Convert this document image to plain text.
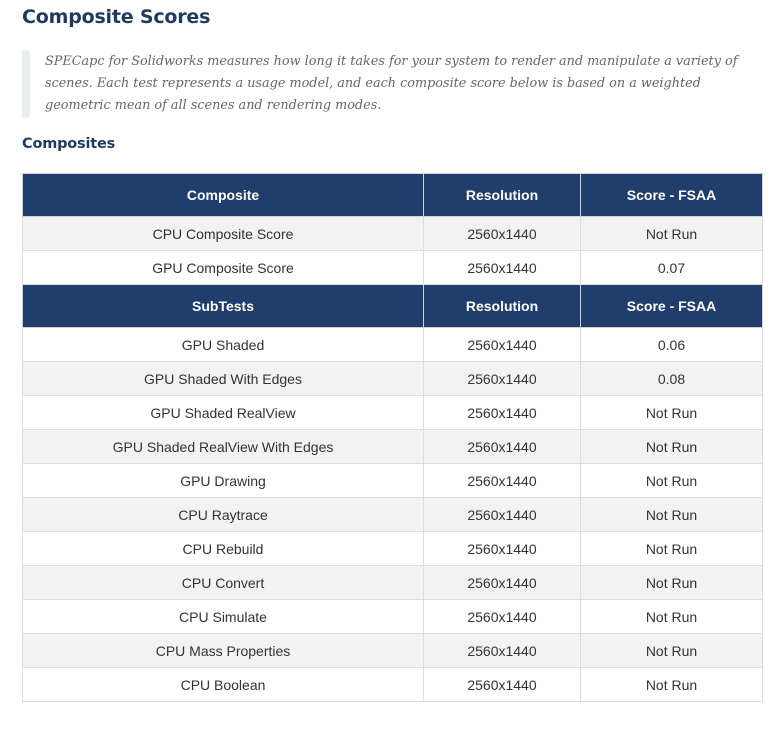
Composite Scores
SPECapc for Solidworks measures how long it takes for your system to render and manipulate a variety of scenes. Each test represents a usage model, and each composite score below is based on a weighted geometric mean of all scenes and rendering modes.
Composites
Composite	Resolution	Score - FSAA
CPU Composite Score	2560x1440	Not Run
GPU Composite Score	2560x1440	0.07
SubTests	Resolution	Score - FSAA
GPU Shaded	2560x1440	0.06
GPU Shaded With Edges	2560x1440	0.08
GPU Shaded RealView	2560x1440	Not Run
GPU Shaded RealView With Edges	2560x1440	Not Run
GPU Drawing	2560x1440	Not Run
CPU Raytrace	2560x1440	Not Run
CPU Rebuild	2560x1440	Not Run
CPU Convert	2560x1440	Not Run
CPU Simulate	2560x1440	Not Run
CPU Mass Properties	2560x1440	Not Run
CPU Boolean	2560x1440	Not Run
